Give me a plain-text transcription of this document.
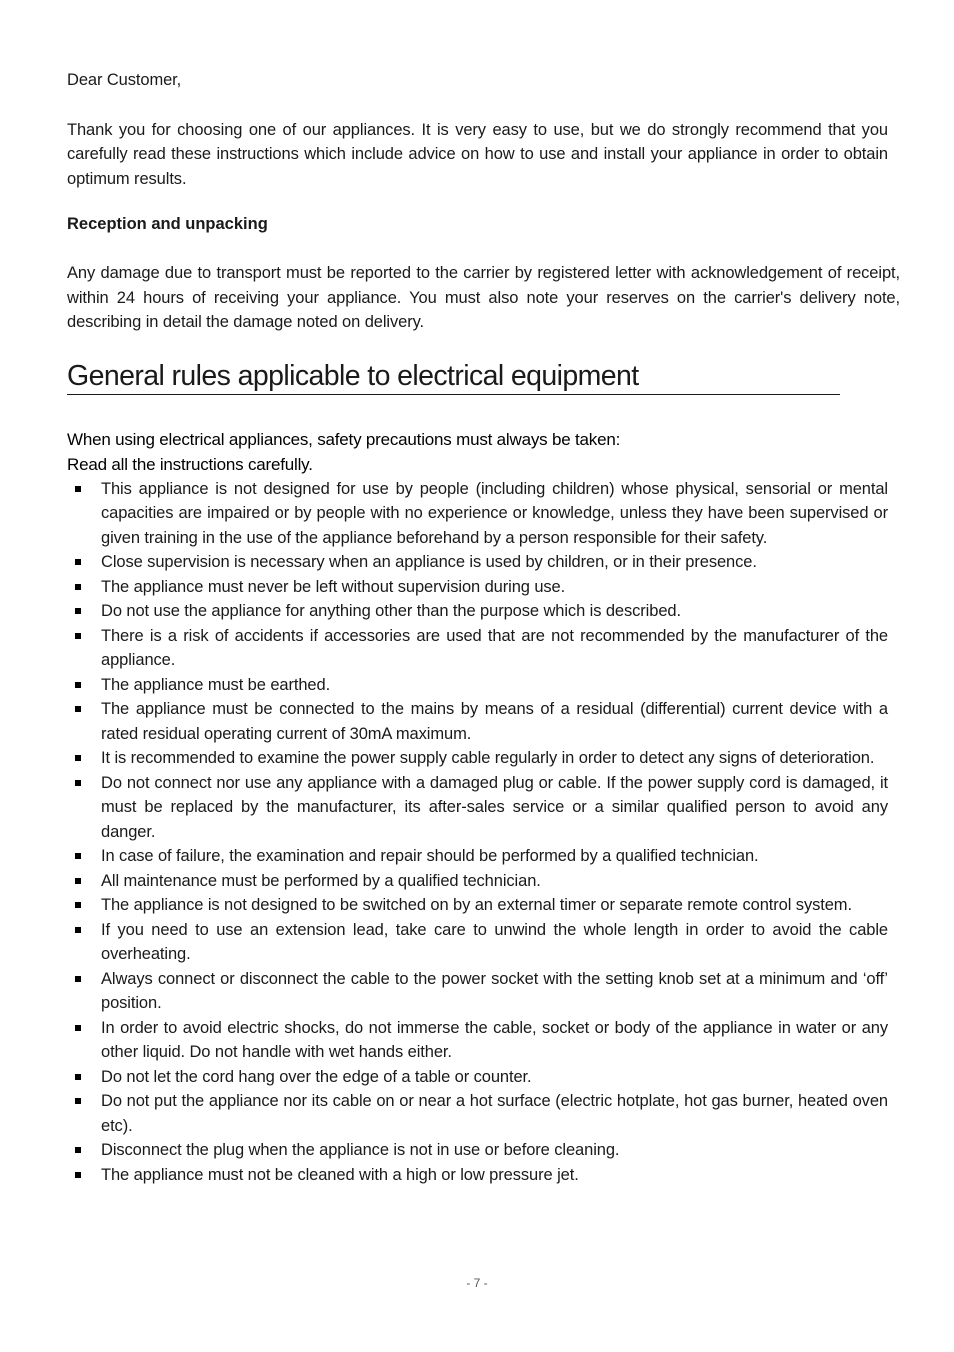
Dear Customer,

Thank you for choosing one of our appliances. It is very easy to use, but we do strongly recommend that you carefully read these instructions which include advice on how to use and install your appliance in order to obtain optimum results.

Reception and unpacking

Any damage due to transport must be reported to the carrier by registered letter with acknowledgement of receipt, within 24 hours of receiving your appliance. You must also note your reserves on the carrier's delivery note, describing in detail the damage noted on delivery.

General rules applicable to electrical equipment

When using electrical appliances, safety precautions must always be taken:

Read all the instructions carefully.

This appliance is not designed for use by people (including children) whose physical, sensorial or mental capacities are impaired or by people with no experience or knowledge, unless they have been supervised or given training in the use of the appliance beforehand by a person responsible for their safety.
Close supervision is necessary when an appliance is used by children, or in their presence.
The appliance must never be left without supervision during use.
Do not use the appliance for anything other than the purpose which is described.
There is a risk of accidents if accessories are used that are not recommended by the manufacturer of the appliance.
The appliance must be earthed.
The appliance must be connected to the mains by means of a residual (differential) current device with a rated residual operating current of 30mA maximum.
It is recommended to examine the power supply cable regularly in order to detect any signs of deterioration.
Do not connect nor use any appliance with a damaged plug or cable. If the power supply cord is damaged, it must be replaced by the manufacturer, its after-sales service or a similar qualified person to avoid any danger.
In case of failure, the examination and repair should be performed by a qualified technician.
All maintenance must be performed by a qualified technician.
The appliance is not designed to be switched on by an external timer or separate remote control system.
If you need to use an extension lead, take care to unwind the whole length in order to avoid the cable overheating.
Always connect or disconnect the cable to the power socket with the setting knob set at a minimum and ‘off’ position.
In order to avoid electric shocks, do not immerse the cable, socket or body of the appliance in water or any other liquid. Do not handle with wet hands either.
Do not let the cord hang over the edge of a table or counter.
Do not put the appliance nor its cable on or near a hot surface (electric hotplate, hot gas burner, heated oven etc).
Disconnect the plug when the appliance is not in use or before cleaning.
The appliance must not be cleaned with a high or low pressure jet.
- 7 -
